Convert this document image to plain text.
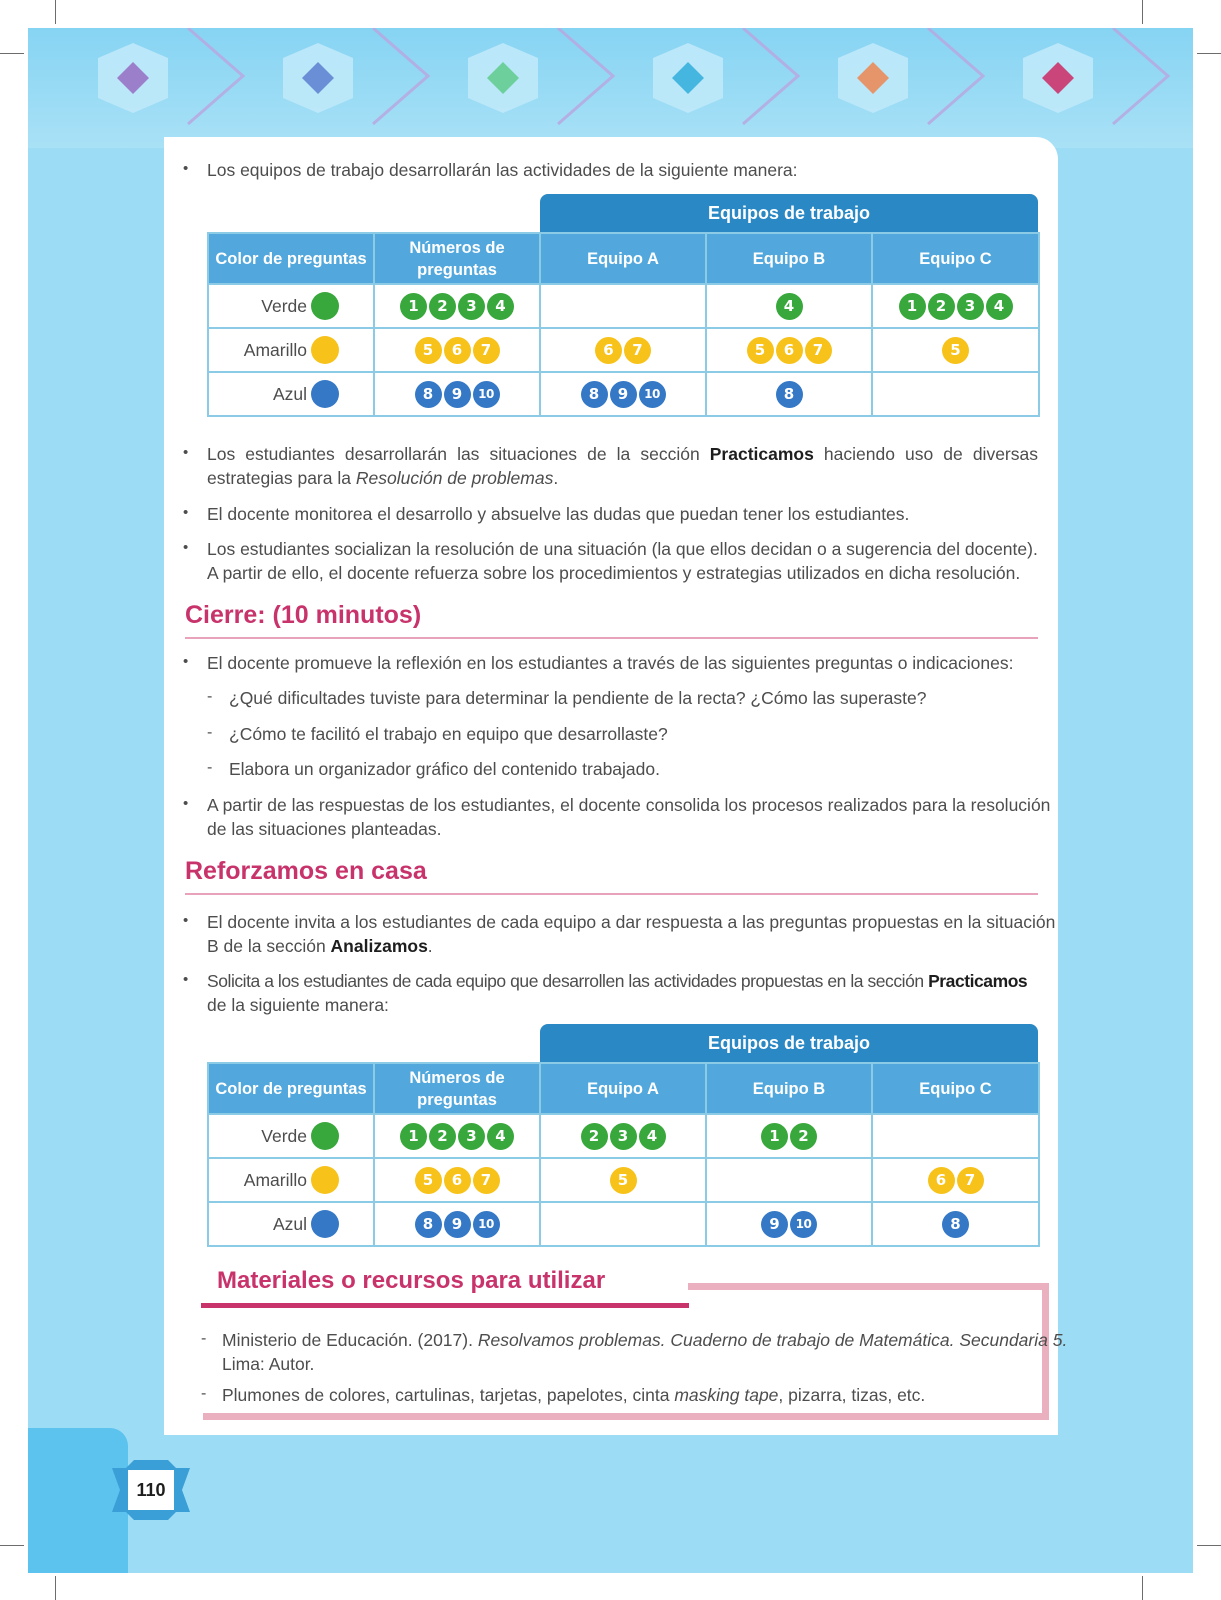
• Los equipos de trabajo desarrollarán las actividades de la siguiente manera:
Equipos de trabajo
Color de preguntas	Números de preguntas	Equipo A	Equipo B	Equipo C

Verde	1 2 3 4		4	1 2 3 4

Amarillo	5 6 7	6 7	5 6 7	5

Azul	8 9 10	8 9 10	8	
• Los estudiantes desarrollarán las situaciones de la sección Practicamos haciendo uso de diversas
estrategias para la Resolución de problemas.
• El docente monitorea el desarrollo y absuelve las dudas que puedan tener los estudiantes.
• Los estudiantes socializan la resolución de una situación (la que ellos decidan o a sugerencia del docente).
A partir de ello, el docente refuerza sobre los procedimientos y estrategias utilizados en dicha resolución.
Cierre: (10 minutos)
• El docente promueve la reflexión en los estudiantes a través de las siguientes preguntas o indicaciones:
- ¿Qué dificultades tuviste para determinar la pendiente de la recta? ¿Cómo las superaste?
- ¿Cómo te facilitó el trabajo en equipo que desarrollaste?
- Elabora un organizador gráfico del contenido trabajado.
• A partir de las respuestas de los estudiantes, el docente consolida los procesos realizados para la resolución
de las situaciones planteadas.
Reforzamos en casa
• El docente invita a los estudiantes de cada equipo a dar respuesta a las preguntas propuestas en la situación
B de la sección Analizamos.
• Solicita a los estudiantes de cada equipo que desarrollen las actividades propuestas en la sección Practicamos
de la siguiente manera:
Equipos de trabajo
Color de preguntas	Números de preguntas	Equipo A	Equipo B	Equipo C

Verde	1 2 3 4	2 3 4	1 2	

Amarillo	5 6 7	5		6 7

Azul	8 9 10		9 10	8
Materiales o recursos para utilizar
- Ministerio de Educación. (2017). Resolvamos problemas. Cuaderno de trabajo de Matemática. Secundaria 5.
Lima: Autor.
- Plumones de colores, cartulinas, tarjetas, papelotes, cinta masking tape, pizarra, tizas, etc.
110
